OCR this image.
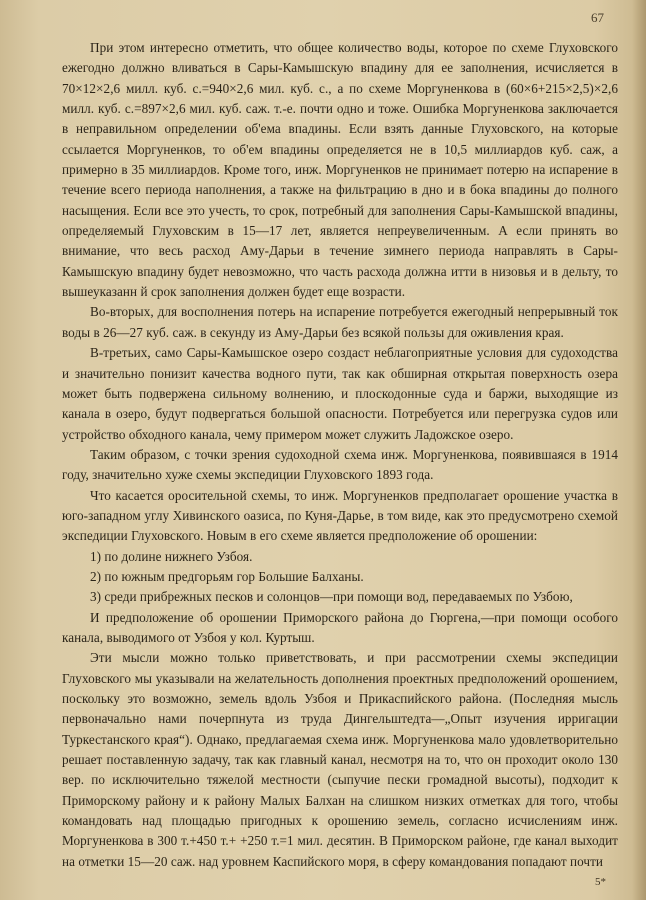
67

При этом интересно отметить, что общее количество воды, которое по схеме Глуховского ежегодно должно вливаться в Сары-Камышскую впадину для ее заполнения, исчисляется в 70×12×2,6 милл. куб. с.=940×2,6 мил. куб. с., а по схеме Моргуненкова в (60×6+215×2,5)×2,6 милл. куб. с.=897×2,6 мил. куб. саж. т.-е. почти одно и тоже. Ошибка Моргуненкова заключается в неправильном определении об'ема впадины. Если взять данные Глуховского, на которые ссылается Моргуненков, то об'ем впадины определяется не в 10,5 миллиардов куб. саж, а примерно в 35 миллиардов. Кроме того, инж. Моргуненков не принимает потерю на испарение в течение всего периода наполнения, а также на фильтрацию в дно и в бока впадины до полного насыщения. Если все это учесть, то срок, потребный для заполнения Сары-Камышской впадины, определяемый Глуховским в 15—17 лет, является непреувеличенным. А если принять во внимание, что весь расход Аму-Дарьи в течение зимнего периода направлять в Сары-Камышскую впадину будет невозможно, что часть расхода должна итти в низовья и в дельту, то вышеуказанн й срок заполнения должен будет еще возрасти.

Во-вторых, для восполнения потерь на испарение потребуется ежегодный непрерывный ток воды в 26—27 куб. саж. в секунду из Аму-Дарьи без всякой пользы для оживления края.

В-третьих, само Сары-Камышское озеро создаст неблагоприятные условия для судоходства и значительно понизит качества водного пути, так как обширная открытая поверхность озера может быть подвержена сильному волнению, и плоскодонные суда и баржи, выходящие из канала в озеро, будут подвергаться большой опасности. Потребуется или перегрузка судов или устройство обходного канала, чему примером может служить Ладожское озеро.

Таким образом, с точки зрения судоходной схема инж. Моргуненкова, появившаяся в 1914 году, значительно хуже схемы экспедиции Глуховского 1893 года.

Что касается оросительной схемы, то инж. Моргуненков предполагает орошение участка в юго-западном углу Хивинского оазиса, по Куня-Дарье, в том виде, как это предусмотрено схемой экспедиции Глуховского. Новым в его схеме является предположение об орошении:

1) по долине нижнего Узбоя.

2) по южным предгорьям гор Большие Балханы.

3) среди прибрежных песков и солонцов—при помощи вод, передаваемых по Узбою,

И предположение об орошении Приморского района до Гюргена,—при помощи особого канала, выводимого от Узбоя у кол. Куртыш.

Эти мысли можно только приветствовать, и при рассмотрении схемы экспедиции Глуховского мы указывали на желательность дополнения проектных предположений орошением, поскольку это возможно, земель вдоль Узбоя и Прикаспийского района. (Последняя мысль первоначально нами почерпнута из труда Дингельштедта—„Опыт изучения ирригации Туркестанского края“). Однако, предлагаемая схема инж. Моргуненкова мало удовлетворительно решает поставленную задачу, так как главный канал, несмотря на то, что он проходит около 130 вер. по исключительно тяжелой местности (сыпучие пески громадной высоты), подходит к Приморскому району и к району Малых Балхан на слишком низких отметках для того, чтобы командовать над площадью пригодных к орошению земель, согласно исчислениям инж. Моргуненкова в 300 т.+450 т.+ +250 т.=1 мил. десятин. В Приморском районе, где канал выходит на отметки 15—20 саж. над уровнем Каспийского моря, в сферу командования попадают почти

5*
